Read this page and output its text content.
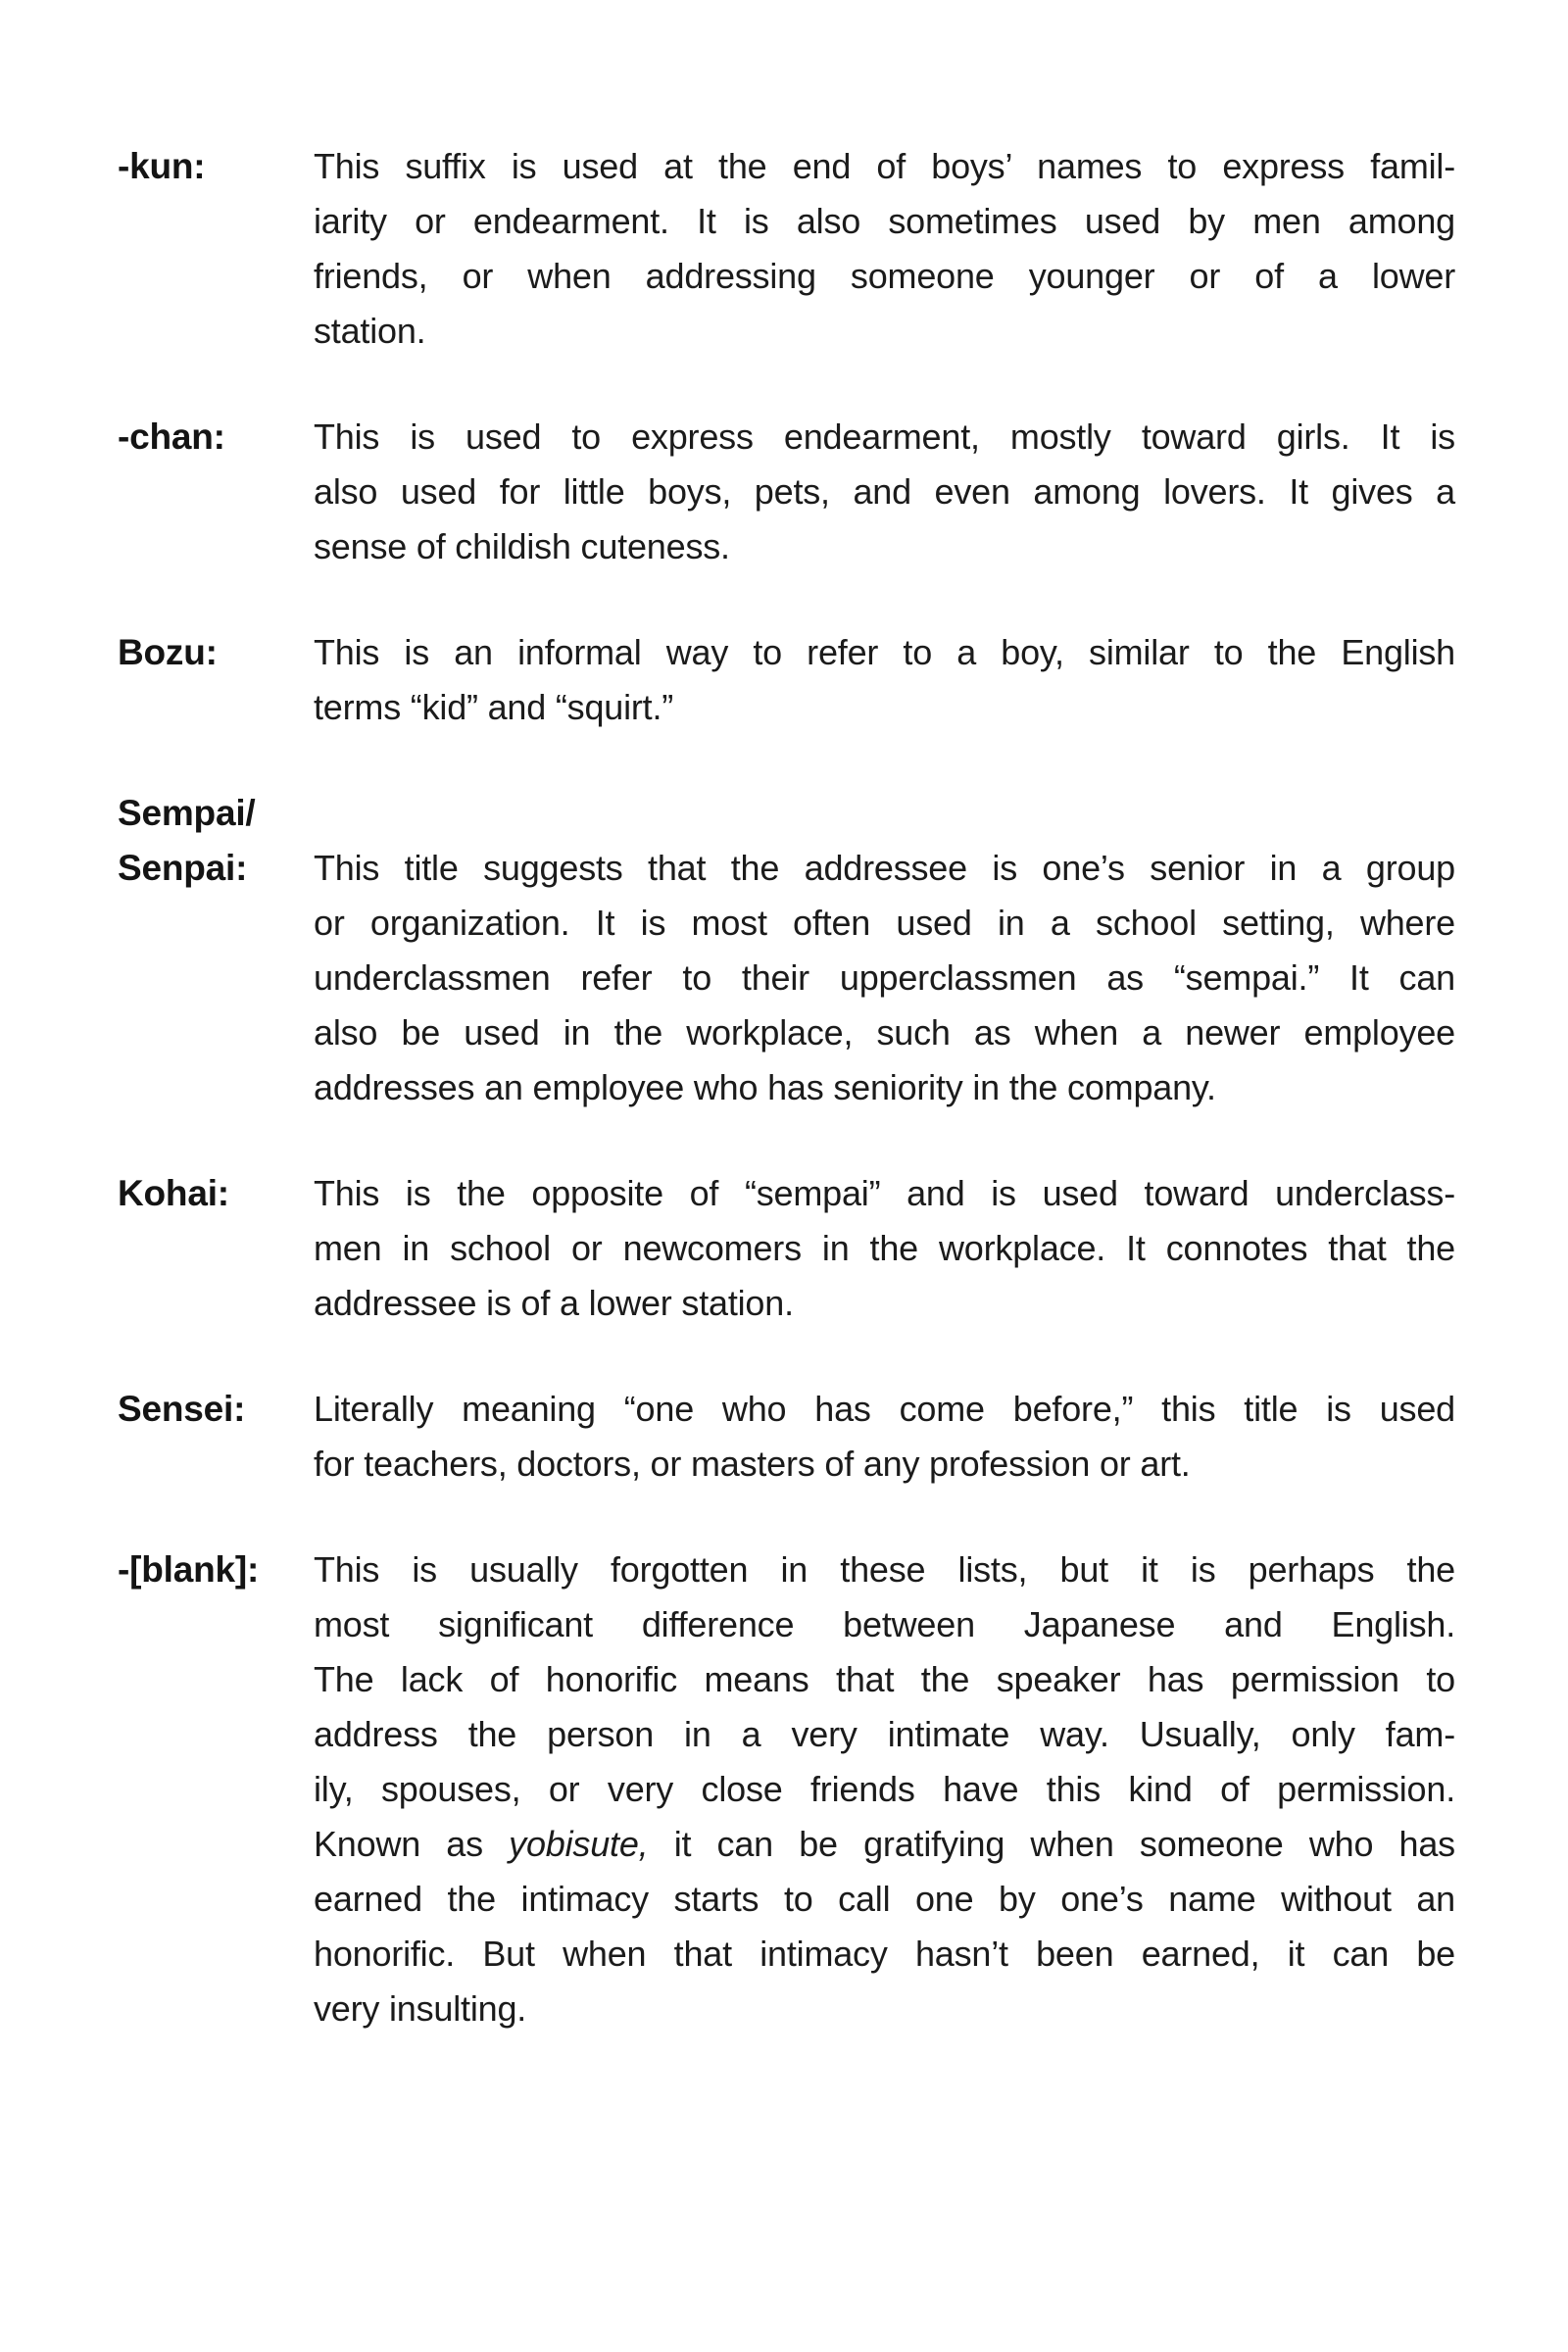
-kun:	This suffix is used at the end of boys’ names to express famil-
iarity or endearment. It is also sometimes used by men among
friends, or when addressing someone younger or of a lower
station.
-chan:	This is used to express endearment, mostly toward girls. It is
also used for little boys, pets, and even among lovers. It gives a
sense of childish cuteness.
Bozu:	This is an informal way to refer to a boy, similar to the English
terms “kid” and “squirt.”
Sempai/
Senpai:	This title suggests that the addressee is one’s senior in a group
or organization. It is most often used in a school setting, where
underclassmen refer to their upperclassmen as “sempai.” It can
also be used in the workplace, such as when a newer employee
addresses an employee who has seniority in the company.
Kohai:	This is the opposite of “sempai” and is used toward underclass-
men in school or newcomers in the workplace. It connotes that the
addressee is of a lower station.
Sensei:	Literally meaning “one who has come before,” this title is used
for teachers, doctors, or masters of any profession or art.
-[blank]:	This is usually forgotten in these lists, but it is perhaps the
most significant difference between Japanese and English.
The lack of honorific means that the speaker has permission to
address the person in a very intimate way. Usually, only fam-
ily, spouses, or very close friends have this kind of permission.
Known as yobisute, it can be gratifying when someone who has
earned the intimacy starts to call one by one’s name without an
honorific. But when that intimacy hasn’t been earned, it can be
very insulting.
